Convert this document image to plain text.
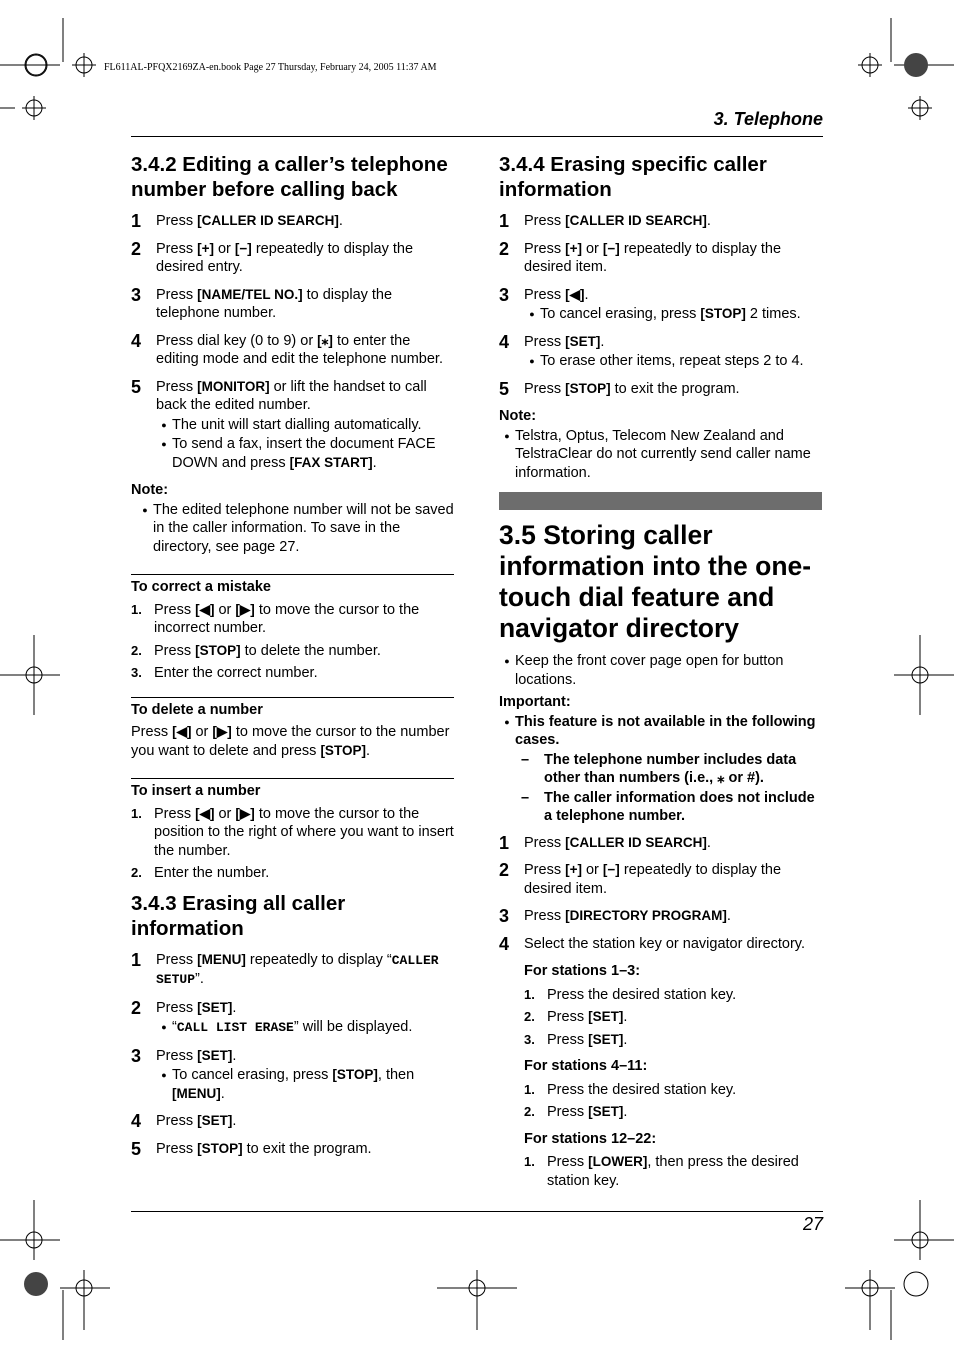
FL611AL-PFQX2169ZA-en.book Page 27 Thursday, February 24, 2005 11:37 AM
3. Telephone
3.4.2 Editing a caller’s telephone number before calling back
1	Press [CALLER ID SEARCH].
2	Press [+] or [−] repeatedly to display the desired entry.
3	Press [NAME/TEL NO.] to display the telephone number.
4	Press dial key (0 to 9) or [⁎] to enter the editing mode and edit the telephone number.
5	Press [MONITOR] or lift the handset to call back the edited number.
● The unit will start dialling automatically.
● To send a fax, insert the document FACE DOWN and press [FAX START].
Note:
● The edited telephone number will not be saved in the caller information. To save in the directory, see page 27.
To correct a mistake
1. Press [◀] or [▶] to move the cursor to the incorrect number.
2. Press [STOP] to delete the number.
3. Enter the correct number.
To delete a number
Press [◀] or [▶] to move the cursor to the number you want to delete and press [STOP].
To insert a number
1. Press [◀] or [▶] to move the cursor to the position to the right of where you want to insert the number.
2. Enter the number.
3.4.3 Erasing all caller information
1	Press [MENU] repeatedly to display “CALLER SETUP”.
2	Press [SET].
● “CALL LIST ERASE” will be displayed.
3	Press [SET].
● To cancel erasing, press [STOP], then [MENU].
4	Press [SET].
5	Press [STOP] to exit the program.
3.4.4 Erasing specific caller information
1	Press [CALLER ID SEARCH].
2	Press [+] or [−] repeatedly to display the desired item.
3	Press [◀].
● To cancel erasing, press [STOP] 2 times.
4	Press [SET].
● To erase other items, repeat steps 2 to 4.
5	Press [STOP] to exit the program.
Note:
● Telstra, Optus, Telecom New Zealand and TelstraClear do not currently send caller name information.
3.5 Storing caller information into the one-touch dial feature and navigator directory
● Keep the front cover page open for button locations.
Important:
● This feature is not available in the following cases.
–	The telephone number includes data other than numbers (i.e., ⁎ or #).
–	The caller information does not include a telephone number.
1	Press [CALLER ID SEARCH].
2	Press [+] or [−] repeatedly to display the desired item.
3	Press [DIRECTORY PROGRAM].
4	Select the station key or navigator directory.
For stations 1–3:
1. Press the desired station key.
2. Press [SET].
3. Press [SET].
For stations 4–11:
1. Press the desired station key.
2. Press [SET].
For stations 12–22:
1. Press [LOWER], then press the desired station key.
27
